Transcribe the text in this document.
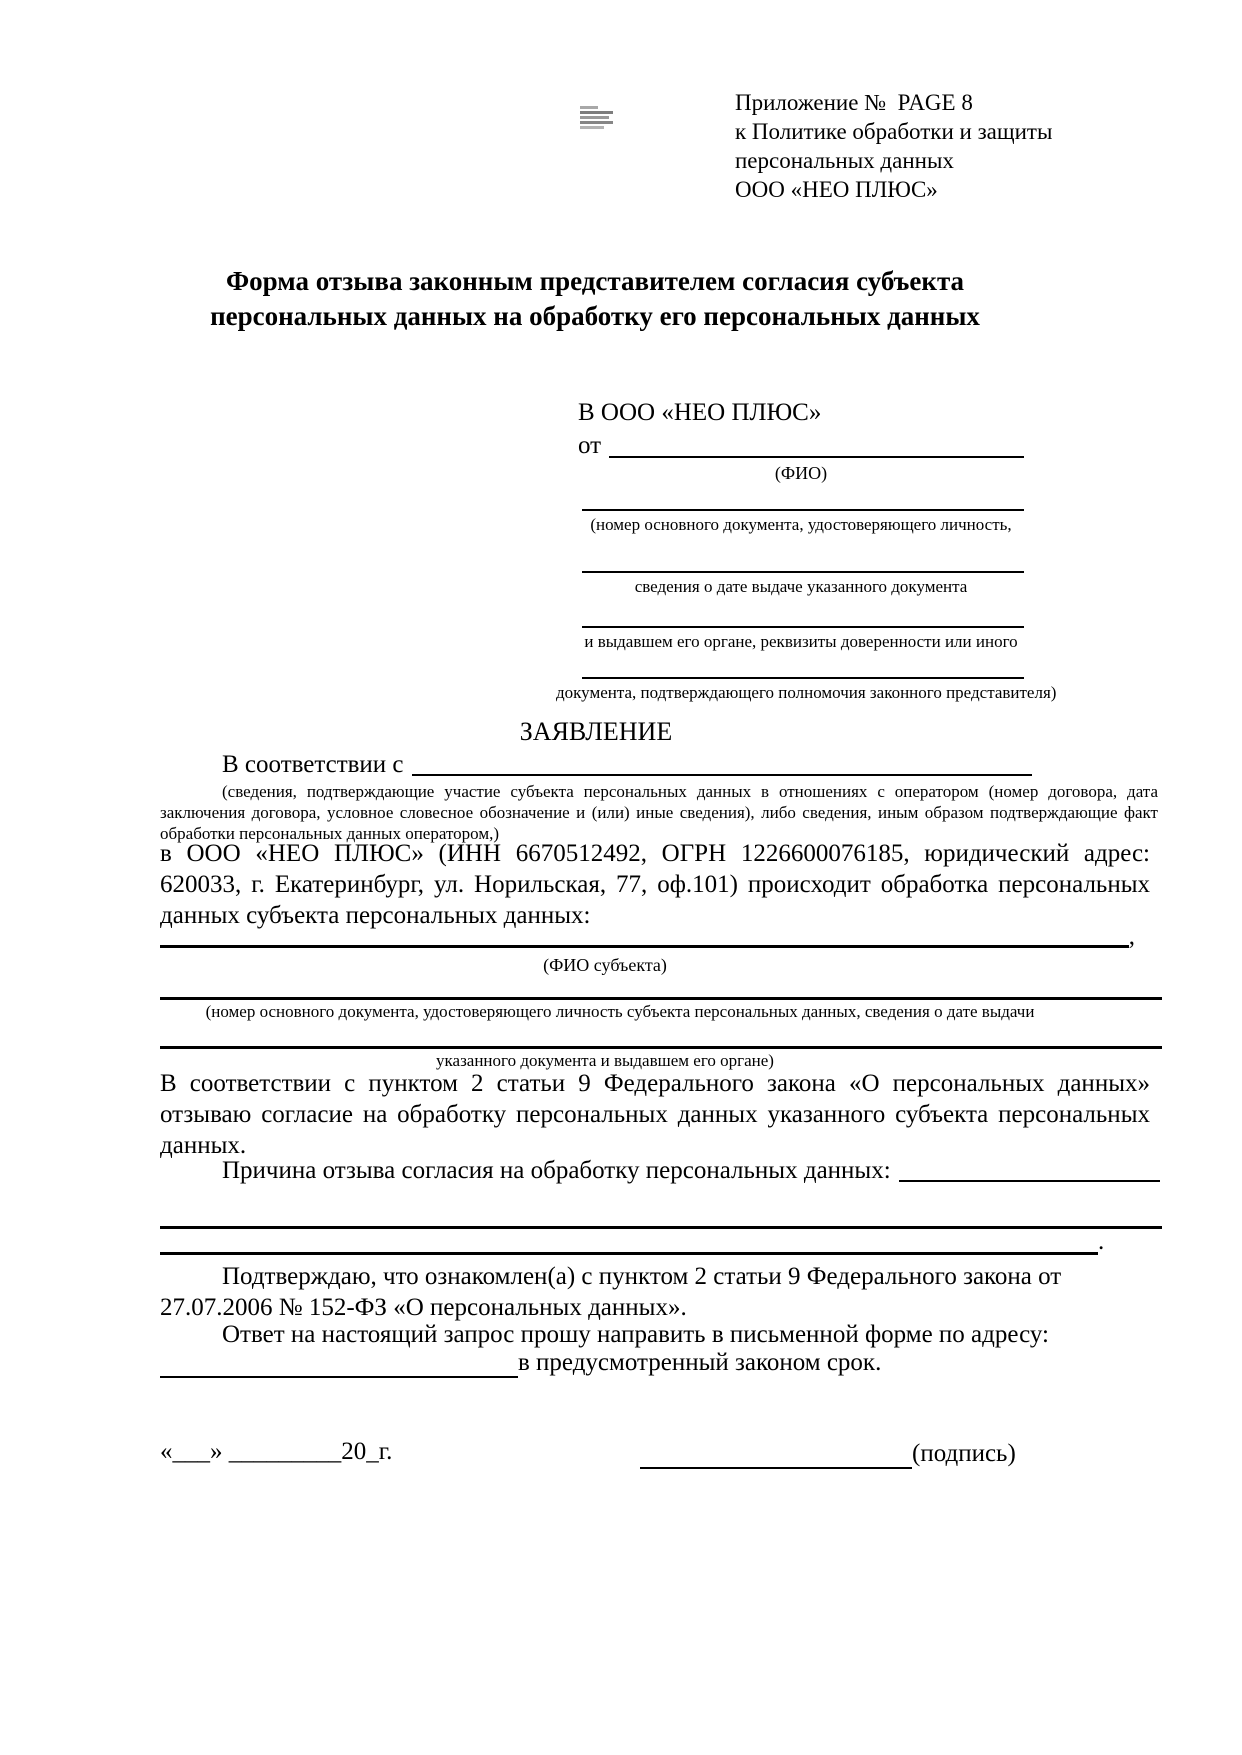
Приложение №  PAGE 8
к Политике обработки и защиты
персональных данных
ООО «НЕО ПЛЮС»
Форма отзыва законным представителем согласия субъекта
персональных данных на обработку его персональных данных
В ООО «НЕО ПЛЮС»
от
(ФИО)
(номер основного документа, удостоверяющего личность,
сведения о дате выдаче указанного документа
и выдавшем его органе, реквизиты доверенности или иного
документа, подтверждающего полномочия законного представителя)
ЗАЯВЛЕНИЕ
В соответствии с
(сведения, подтверждающие участие субъекта персональных данных в отношениях с оператором (номер договора, дата заключения договора, условное словесное обозначение и (или) иные сведения), либо сведения, иным образом подтверждающие факт обработки персональных данных оператором,)
в ООО «НЕО ПЛЮС» (ИНН 6670512492, ОГРН 1226600076185, юридический адрес: 620033, г. Екатеринбург, ул. Норильская, 77, оф.101) происходит обработка персональных данных субъекта персональных данных:
,
(ФИО субъекта)
(номер основного документа, удостоверяющего личность субъекта персональных данных, сведения о дате выдачи
указанного документа и выдавшем его органе)
В соответствии с пунктом 2 статьи 9 Федерального закона «О персональных данных» отзываю согласие на обработку персональных данных указанного субъекта персональных данных.
Причина отзыва согласия на обработку персональных данных:
.
Подтверждаю, что ознакомлен(а) с пунктом 2 статьи 9 Федерального закона от 27.07.2006 № 152-ФЗ «О персональных данных».
Ответ на настоящий запрос прошу направить в письменной форме по адресу:
в предусмотренный законом срок.
«___» _________20_г.	(подпись)
